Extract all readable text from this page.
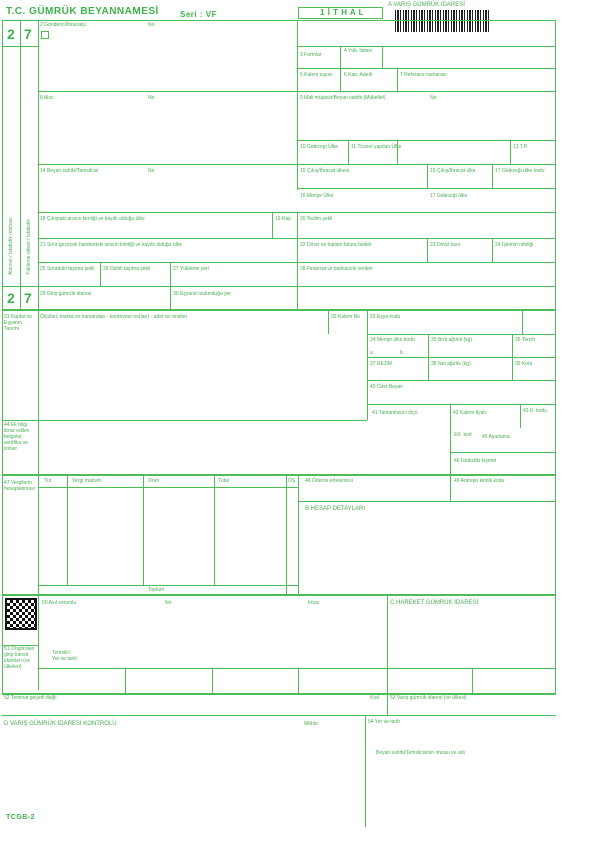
T.C. GÜMRÜK BEYANNAMESİ	Seri : VF	1 İ T H A L
A VARIŞ GÜMRÜK İDARESİ
2 7
2 7
Alıcının / İstatistik nüshası Yükleme ülkesi / İstatistik
2 Gönderici/İhracatçı	No
3 Formlar
4 Yük. listesi
5 Kalem sayısı 6 Kap. Adedi	7 Referans numarası
8 Alıcı	No	9 Mali müşavir/Beyan sahibi (Mükellef)	No
10 Gidecegi Ülke	11 Ticaret yapılan Ülke	13 T.P.
14 Beyan sahibi/Temsilcisi	No	15 Çıkış/İhracat ülkesi	15 Çıkış/İhracat ülke	17 Gideceği ülke kodu
16 Menşe Ülke	17 Gideceği ülke
18 Çıkıştaki aracın kimliği ve kayıtlı olduğu ülke	19 Kap 20 Teslim şekli
21 Sınır geçecek hareketteki aracın kimliği ve kayıtlı olduğu ülke	22 Döviz ve toplam fatura bedeli	23 Döviz kuru	24 İşlemin niteliği
25 Sınırdaki taşıma şekli 26 Dahili taşıma şekli	27 Yükleme yeri	28 Finansal ve bankacılık verileri
29 Giriş gümrük idaresi	30 Eşyanın bulunduğu yer
31 Kaplar ve Eşyanın Tanımı
Ölçüleri, marka ve numaraları - konteyner no(ları) - adet ve cinsleri	32 Kalem No 33 Eşya kodu
34 Menşe ülke kodu
a	b
35 Brüt ağırlık (kg)	36 Tercih
37 REJİM	38 Net ağırlık (kg)	39 Kota
40 Özet Beyan
41 Tamamlayıcı ölçü	42 Kalem fiyatı	43 K. kodu
44 Ek bilgi, ibraz edilen belgeler, sertifika ve izinler
EK. kod 45 Ayarlama
46 İstatistiki kıymet
47 Vergilerin hesaplanması
Tür	Vergi matrahı	Oran	Tutar	ÖŞ
Toplam
48 Ödeme ertelemesi	49 Antrepo kimlik kodu
B HESAP DETAYLARI
50 Asıl sorumlu	No	İmza
Temsilci
Yer ve tarih
C HAREKET GÜMRÜK İDARESİ
51 Öngörülen giriş transit idareleri (ve ülkeleri)
52 Teminat geçerli değil	Kod 53 Varış gümrük idaresi (ve ülkesi)
D VARIŞ GÜMRÜK İDARESİ KONTROLÜ	Mühür	54 Yer ve tarih
Beyan sahibi/Temsilcisinin imzası ve adı
TCGB-2
